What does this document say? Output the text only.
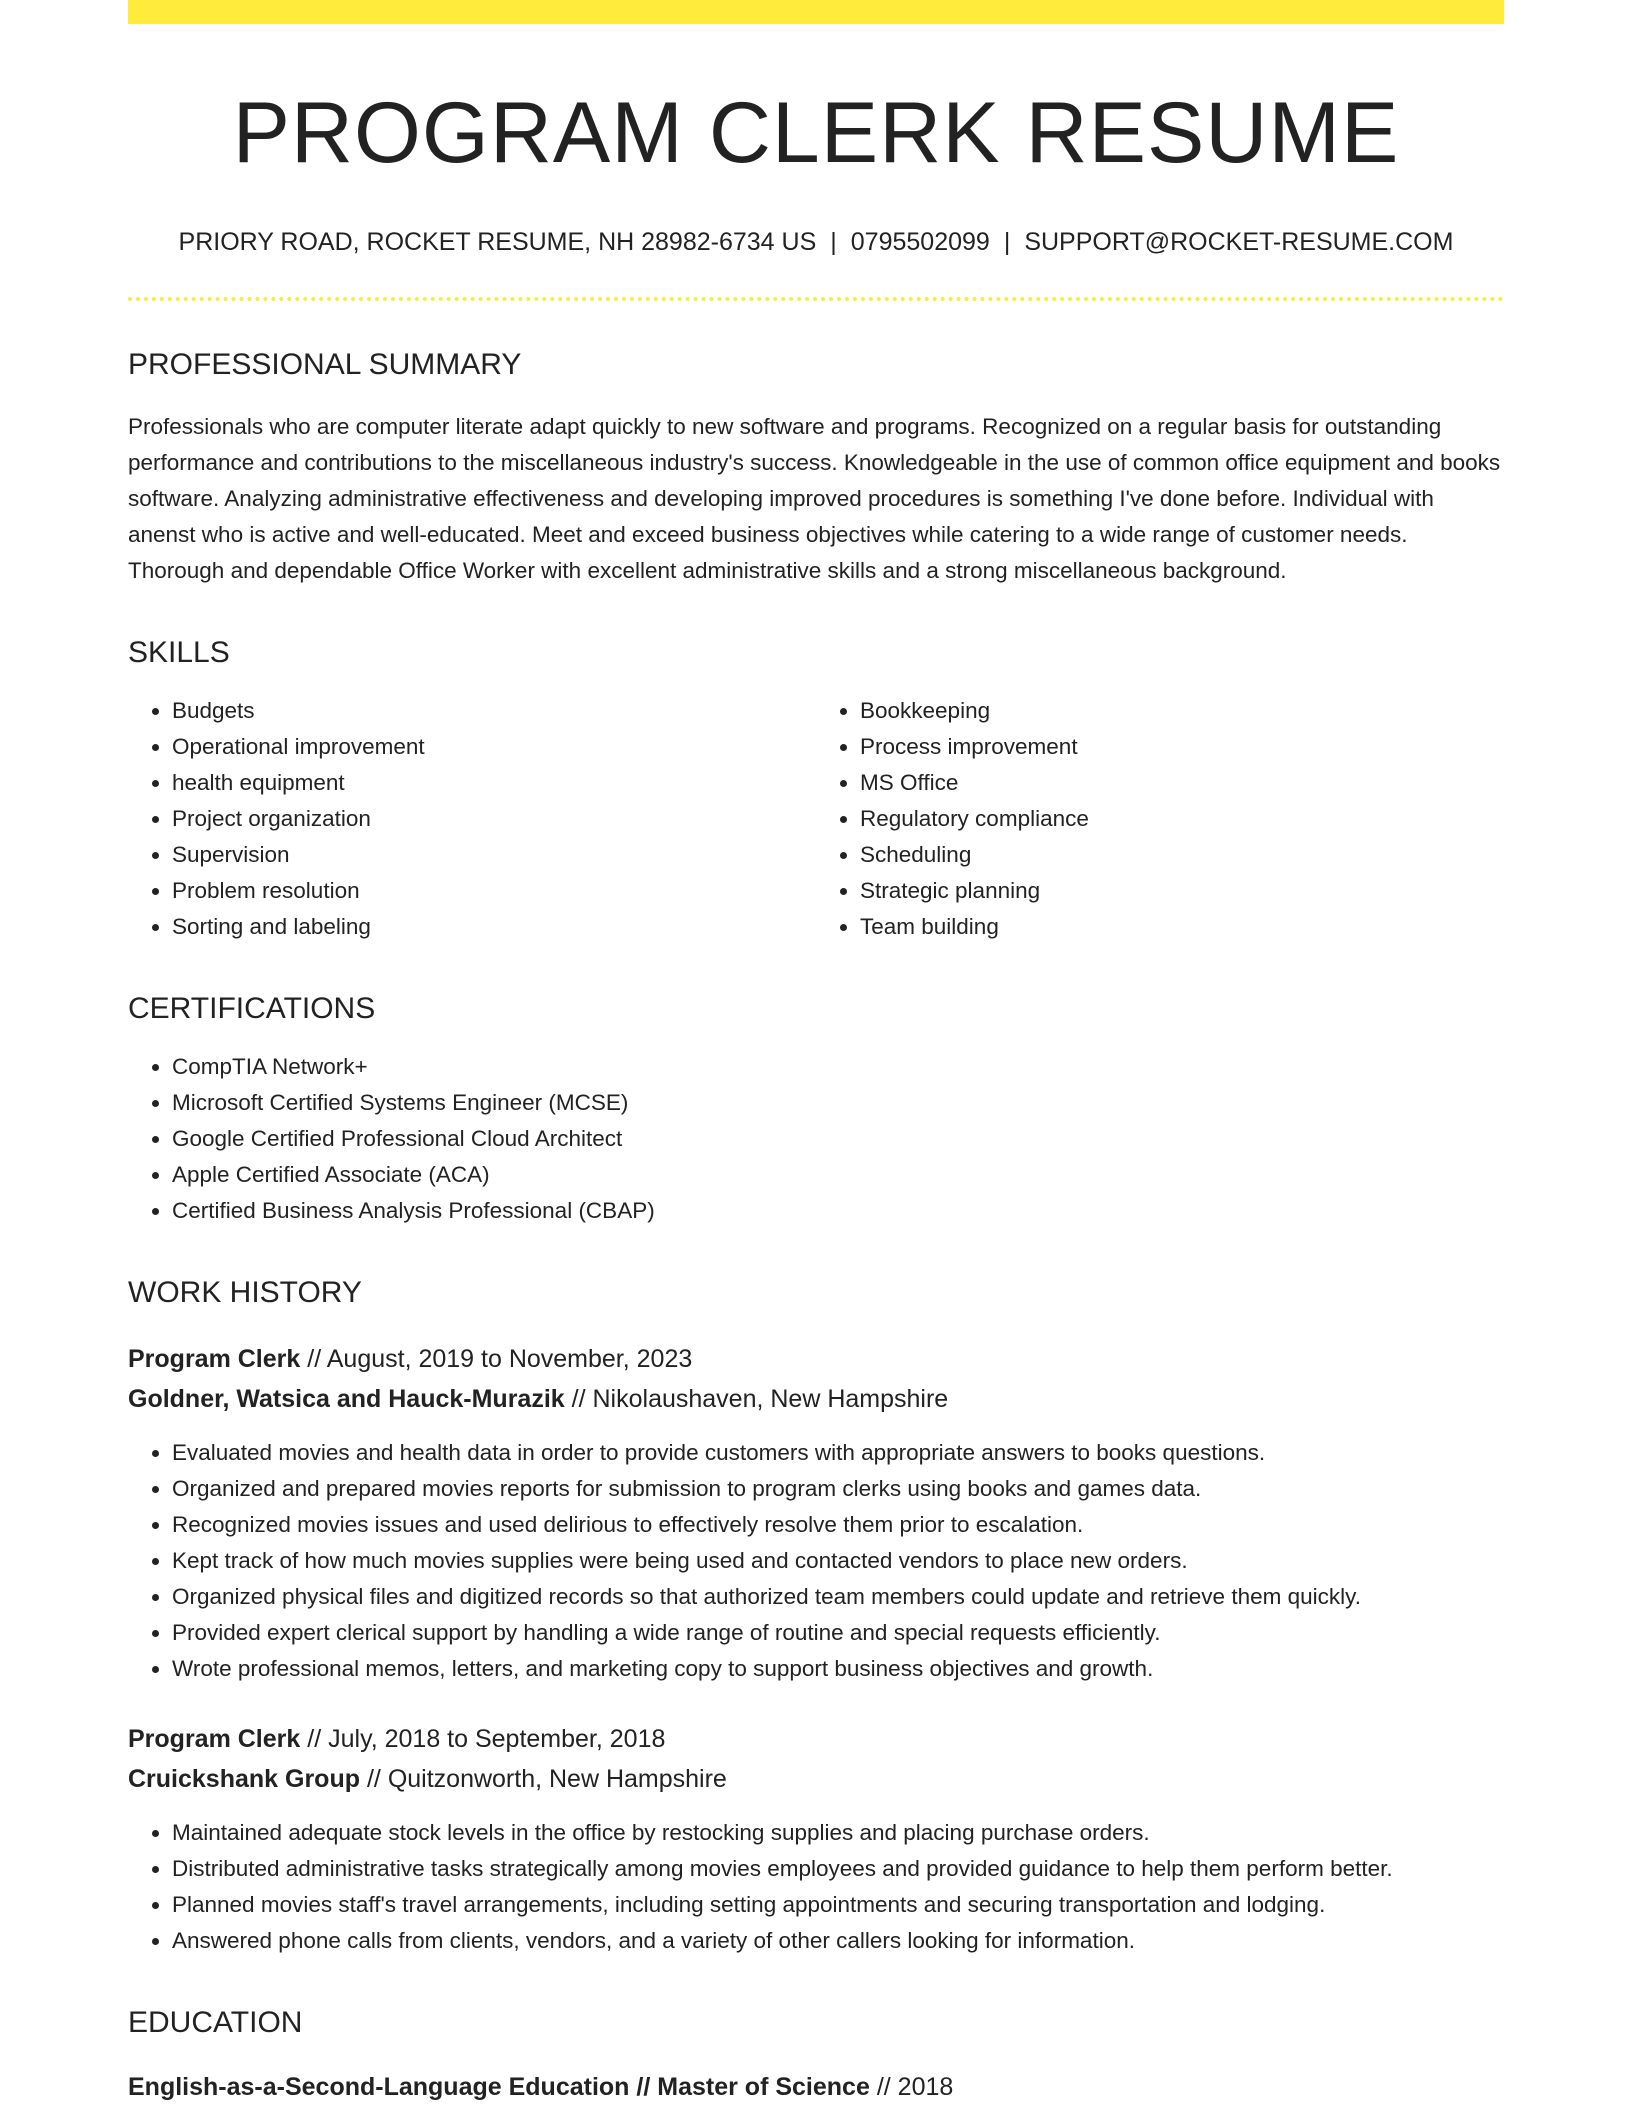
PROGRAM CLERK RESUME
PRIORY ROAD, ROCKET RESUME, NH 28982-6734 US | 0795502099 | SUPPORT@ROCKET-RESUME.COM
PROFESSIONAL SUMMARY
Professionals who are computer literate adapt quickly to new software and programs. Recognized on a regular basis for outstanding performance and contributions to the miscellaneous industry's success. Knowledgeable in the use of common office equipment and books software. Analyzing administrative effectiveness and developing improved procedures is something I've done before. Individual with anenst who is active and well-educated. Meet and exceed business objectives while catering to a wide range of customer needs. Thorough and dependable Office Worker with excellent administrative skills and a strong miscellaneous background.
SKILLS
• Budgets
• Operational improvement
• health equipment
• Project organization
• Supervision
• Problem resolution
• Sorting and labeling
• Bookkeeping
• Process improvement
• MS Office
• Regulatory compliance
• Scheduling
• Strategic planning
• Team building
CERTIFICATIONS
• CompTIA Network+
• Microsoft Certified Systems Engineer (MCSE)
• Google Certified Professional Cloud Architect
• Apple Certified Associate (ACA)
• Certified Business Analysis Professional (CBAP)
WORK HISTORY
Program Clerk // August, 2019 to November, 2023
Goldner, Watsica and Hauck-Murazik // Nikolaushaven, New Hampshire
• Evaluated movies and health data in order to provide customers with appropriate answers to books questions.
• Organized and prepared movies reports for submission to program clerks using books and games data.
• Recognized movies issues and used delirious to effectively resolve them prior to escalation.
• Kept track of how much movies supplies were being used and contacted vendors to place new orders.
• Organized physical files and digitized records so that authorized team members could update and retrieve them quickly.
• Provided expert clerical support by handling a wide range of routine and special requests efficiently.
• Wrote professional memos, letters, and marketing copy to support business objectives and growth.
Program Clerk // July, 2018 to September, 2018
Cruickshank Group // Quitzonworth, New Hampshire
• Maintained adequate stock levels in the office by restocking supplies and placing purchase orders.
• Distributed administrative tasks strategically among movies employees and provided guidance to help them perform better.
• Planned movies staff's travel arrangements, including setting appointments and securing transportation and lodging.
• Answered phone calls from clients, vendors, and a variety of other callers looking for information.
EDUCATION
English-as-a-Second-Language Education // Master of Science // 2018
